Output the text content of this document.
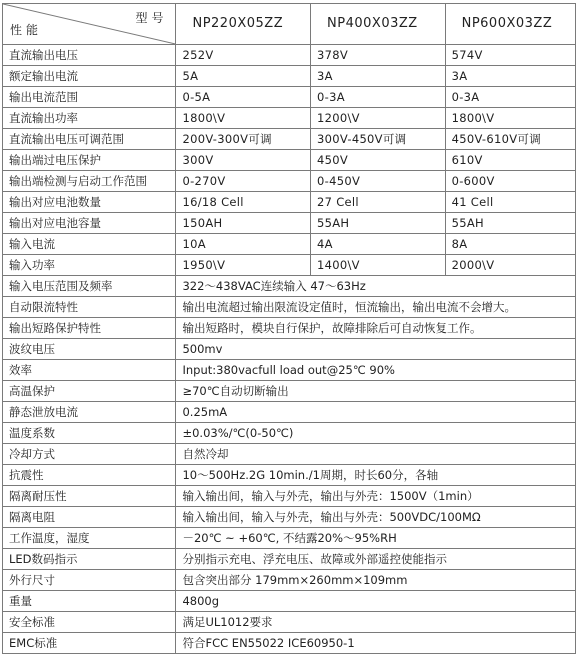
型号
性能	NP220X05ZZ	NP400X03ZZ	NP600X03ZZ
直流输出电压	252V	378V	574V
额定输出电流	5A	3A	3A
输出电流范围	0-5A	0-3A	0-3A
直流输出功率	1800\V	1200\V	1800\V
直流输出电压可调范围	200V-300V可调	300V-450V可调	450V-610V可调
输出端过电压保护	300V	450V	610V
输出端检测与启动工作范围	0-270V	0-450V	0-600V
输出对应电池数量	16/18 Cell	27 Cell	41 Cell
输出对应电池容量	150AH	55AH	55AH
输入电流	10A	4A	8A
输入功率	1950\V	1400\V	2000\V
输入电压范围及频率	322～438VAC连续输入 47～63Hz		
自动限流特性	输出电流超过输出限流设定值时，恒流输出，输出电流不会增大。		
输出短路保护特性	输出短路时，模块自行保护，故障排除后可自动恢复工作。		
波纹电压	500mv		
效率	Input:380vacfull load out@25℃ 90%		
高温保护	≥70℃自动切断输出		
静态泄放电流	0.25mA		
温度系数	±0.03%/℃(0-50℃)		
冷却方式	自然冷却		
抗震性	10～500Hz.2G 10min./1周期，时长60分，各轴		
隔离耐压性	输入输出间，输入与外壳，输出与外壳：1500V（1min）		
隔离电阻	输入输出间，输入与外壳，输出与外壳：500VDC/100MΩ		
工作温度，湿度	－20℃ ~ +60℃, 不结露20%～95%RH		
LED数码指示	分别指示充电、浮充电压、故障或外部遥控使能指示		
外行尺寸	包含突出部分 179mm×260mm×109mm		
重量	4800g		
安全标准	满足UL1012要求		
EMC标准	符合FCC EN55022 ICE60950-1		
